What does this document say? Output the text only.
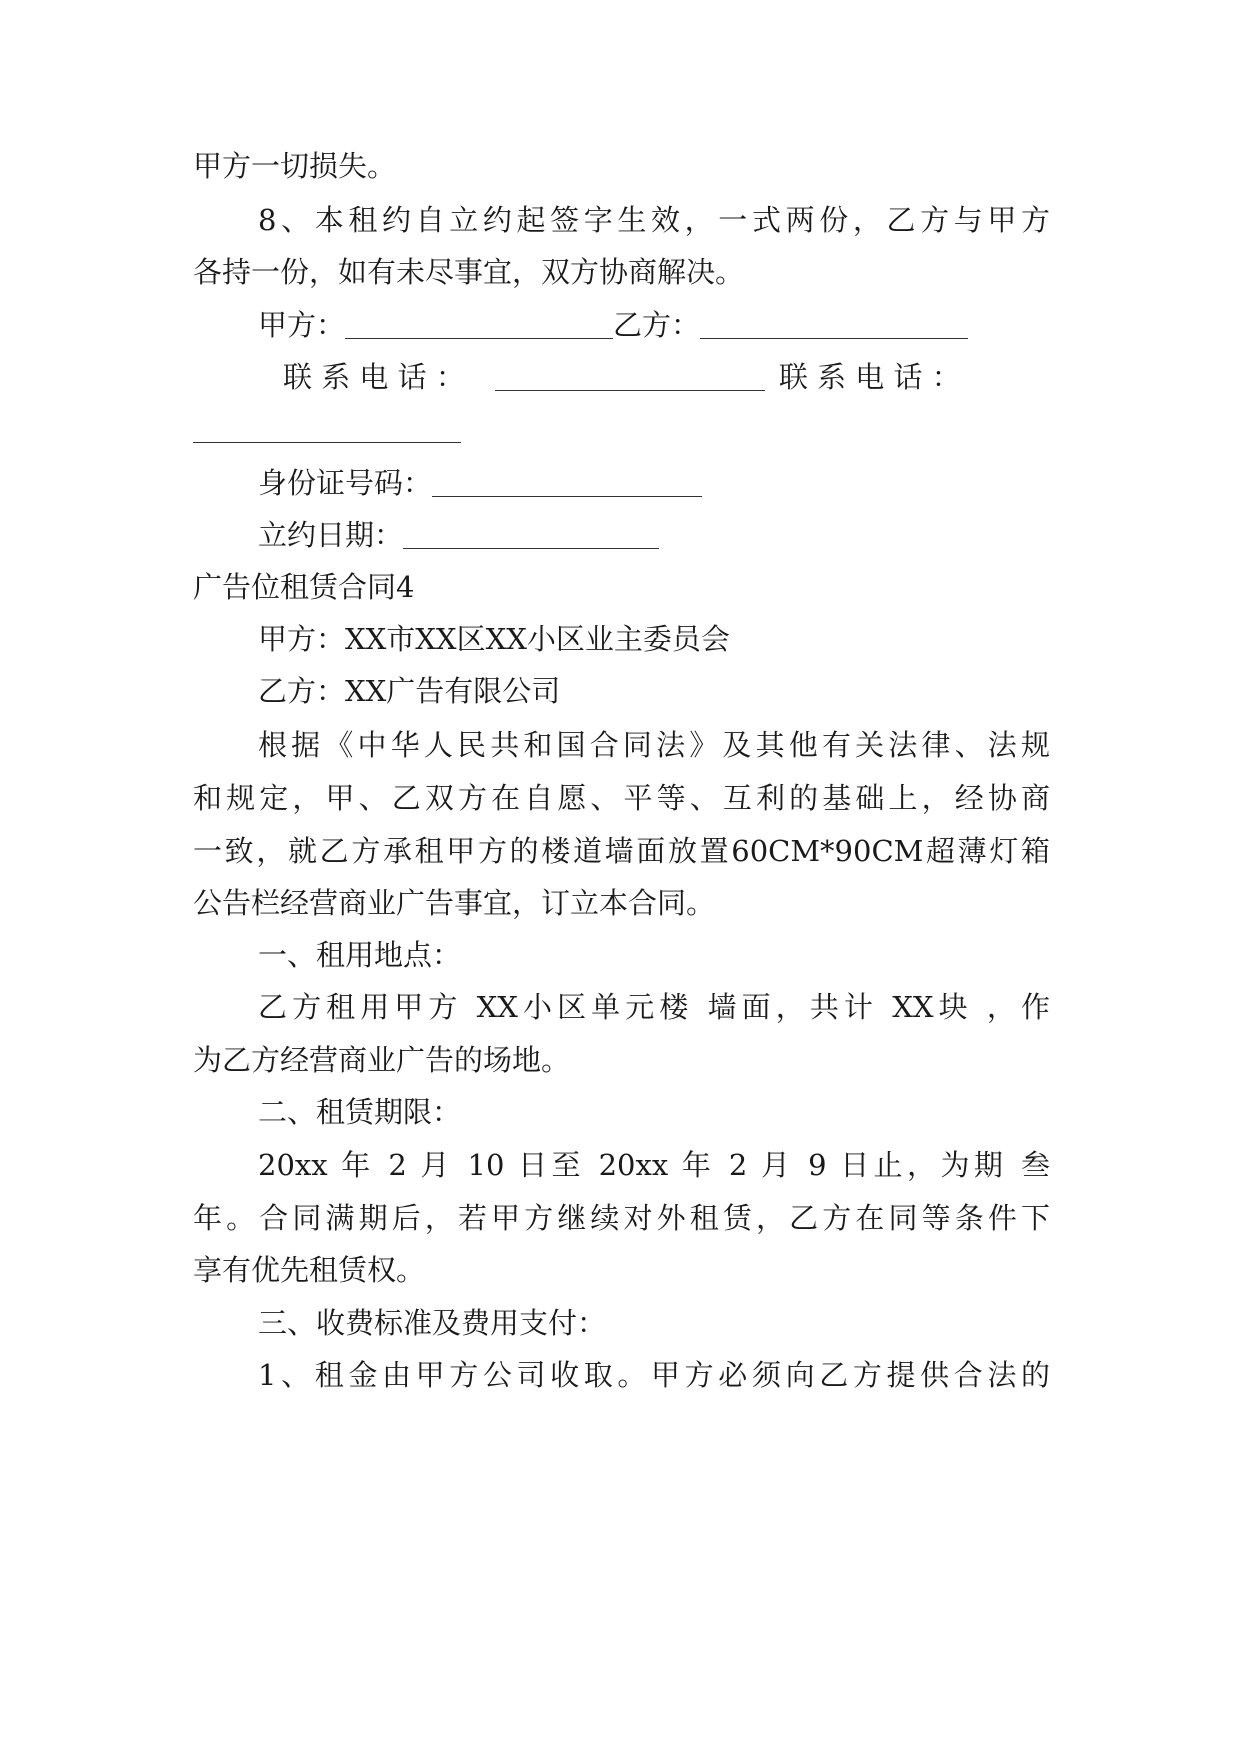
甲方一切损失。

8、本租约自立约起签字生效，一式两份，乙方与甲方

各持一份，如有未尽事宜，双方协商解决。

甲方：	乙方：
联 系 电 话 ：	联 系 电 话 ：
身份证号码：
立约日期：

广告位租赁合同4

甲方：XX市XX区XX小区业主委员会

乙方：XX广告有限公司

根据《中华人民共和国合同法》及其他有关法律、法规

和规定，甲、乙双方在自愿、平等、互利的基础上，经协商

一致，就乙方承租甲方的楼道墙面放置60CM*90CM超薄灯箱

公告栏经营商业广告事宜，订立本合同。

一、租用地点：

乙方租用甲方 XX小区单元楼 墙面，共计 XX块 ，作

为乙方经营商业广告的场地。

二、租赁期限：

20xx 年 2 月 10 日至 20xx 年 2 月 9 日止，为期 叁

年。合同满期后，若甲方继续对外租赁，乙方在同等条件下

享有优先租赁权。

三、收费标准及费用支付：

1、租金由甲方公司收取。甲方必须向乙方提供合法的
